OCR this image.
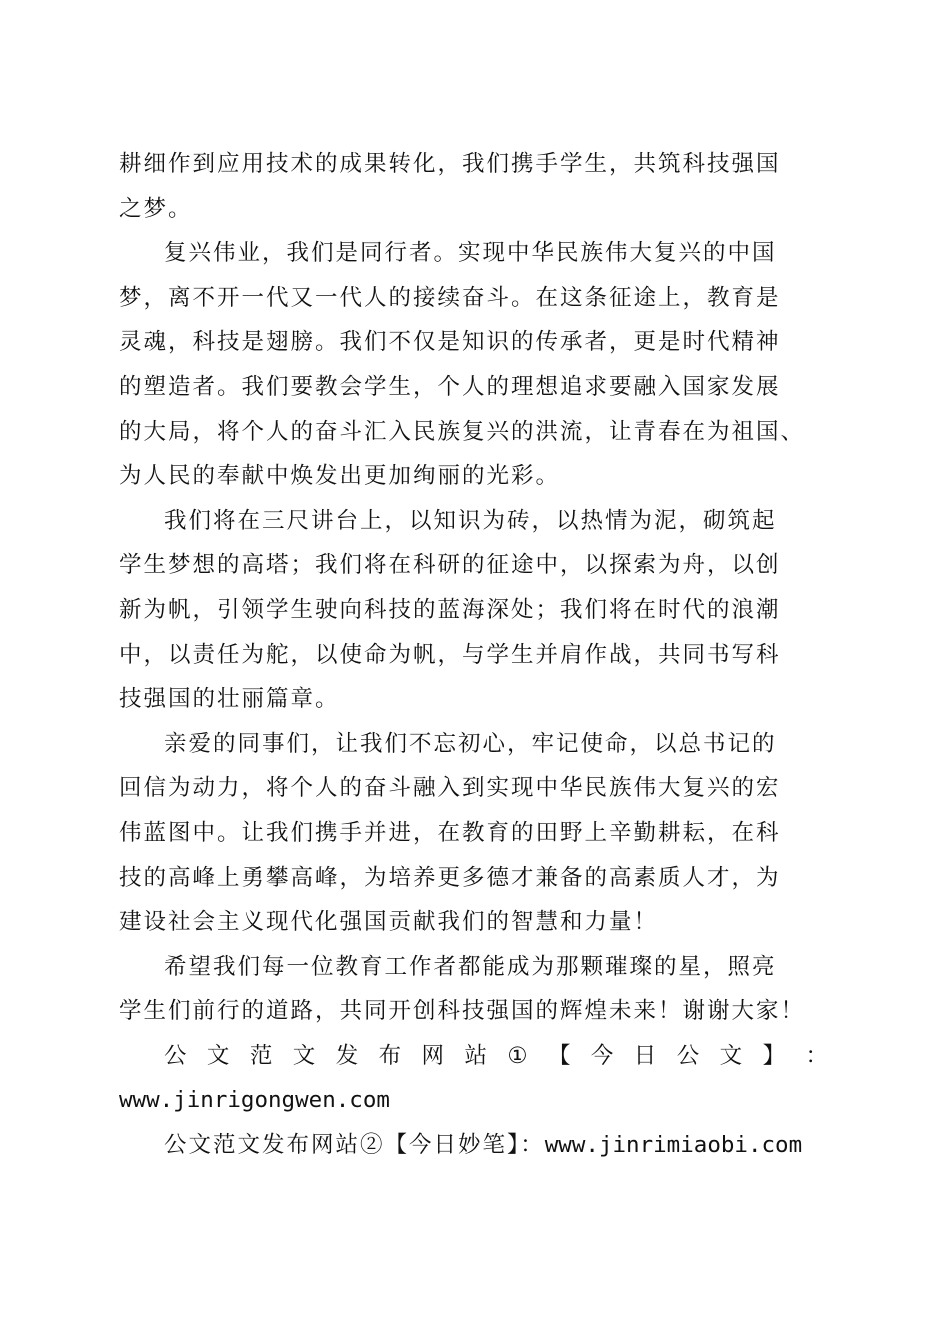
耕细作到应用技术的成果转化，我们携手学生，共筑科技强国
之梦。
复兴伟业，我们是同行者。实现中华民族伟大复兴的中国
梦，离不开一代又一代人的接续奋斗。在这条征途上，教育是
灵魂，科技是翅膀。我们不仅是知识的传承者，更是时代精神
的塑造者。我们要教会学生，个人的理想追求要融入国家发展
的大局，将个人的奋斗汇入民族复兴的洪流，让青春在为祖国、
为人民的奉献中焕发出更加绚丽的光彩。
我们将在三尺讲台上，以知识为砖，以热情为泥，砌筑起
学生梦想的高塔；我们将在科研的征途中，以探索为舟，以创
新为帆，引领学生驶向科技的蓝海深处；我们将在时代的浪潮
中，以责任为舵，以使命为帆，与学生并肩作战，共同书写科
技强国的壮丽篇章。
亲爱的同事们，让我们不忘初心，牢记使命，以总书记的
回信为动力，将个人的奋斗融入到实现中华民族伟大复兴的宏
伟蓝图中。让我们携手并进，在教育的田野上辛勤耕耘，在科
技的高峰上勇攀高峰，为培养更多德才兼备的高素质人才，为
建设社会主义现代化强国贡献我们的智慧和力量！
希望我们每一位教育工作者都能成为那颗璀璨的星，照亮
学生们前行的道路，共同开创科技强国的辉煌未来！谢谢大家！
公 文 范 文 发 布 网 站 ① 【 今 日 公 文 】 ：
www.jinrigongwen.com
公文范文发布网站②【今日妙笔】：www.jinrimiaobi.com
